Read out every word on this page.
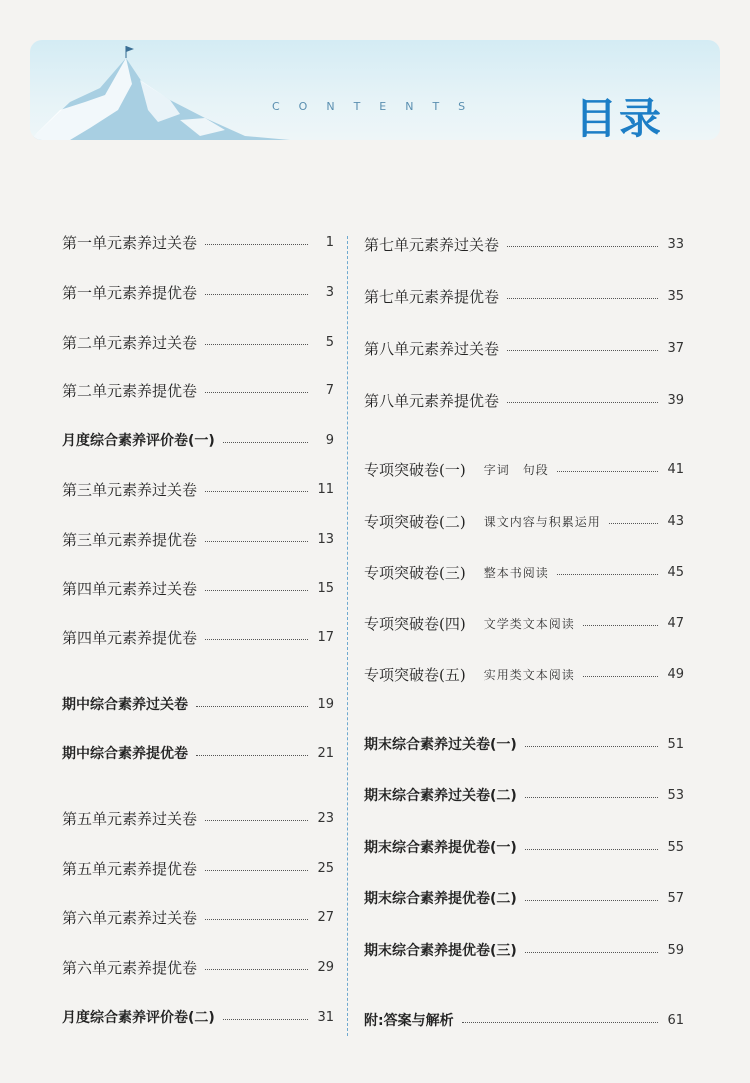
CONTENTS 目录
第一单元素养过关卷	1
第一单元素养提优卷	3
第二单元素养过关卷	5
第二单元素养提优卷	7
月度综合素养评价卷(一)	9
第三单元素养过关卷	11
第三单元素养提优卷	13
第四单元素养过关卷	15
第四单元素养提优卷	17
期中综合素养过关卷	19
期中综合素养提优卷	21
第五单元素养过关卷	23
第五单元素养提优卷	25
第六单元素养过关卷	27
第六单元素养提优卷	29
月度综合素养评价卷(二)	31
第七单元素养过关卷	33
第七单元素养提优卷	35
第八单元素养过关卷	37
第八单元素养提优卷	39
专项突破卷(一) 字词　句段	41
专项突破卷(二) 课文内容与积累运用	43
专项突破卷(三) 整本书阅读	45
专项突破卷(四) 文学类文本阅读	47
专项突破卷(五) 实用类文本阅读	49
期末综合素养过关卷(一)	51
期末综合素养过关卷(二)	53
期末综合素养提优卷(一)	55
期末综合素养提优卷(二)	57
期末综合素养提优卷(三)	59
附:答案与解析	61
